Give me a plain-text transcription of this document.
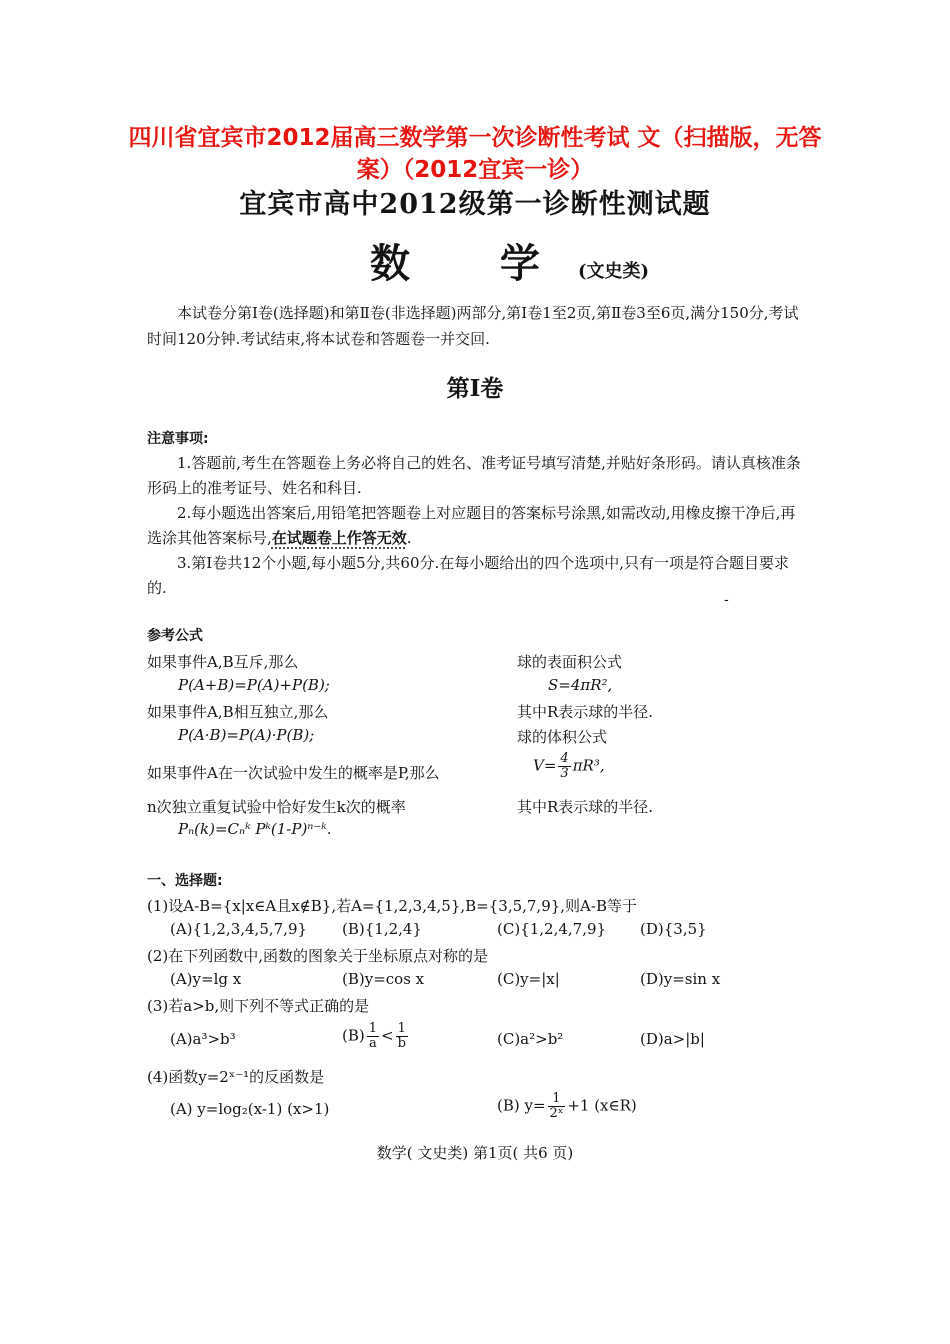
四川省宜宾市2012届高三数学第一次诊断性考试 文（扫描版，无答案）（2012宜宾一诊）
宜宾市高中2012级第一诊断性测试题
数 学(文史类)
本试卷分第Ⅰ卷(选择题)和第Ⅱ卷(非选择题)两部分,第Ⅰ卷1至2页,第Ⅱ卷3至6页,满分150分,考试时间120分钟.考试结束,将本试卷和答题卷一并交回.
第Ⅰ卷
注意事项:
1.答题前,考生在答题卷上务必将自己的姓名、准考证号填写清楚,并贴好条形码。请认真核准条形码上的准考证号、姓名和科目.
2.每小题选出答案后,用铅笔把答题卷上对应题目的答案标号涂黑,如需改动,用橡皮擦干净后,再选涂其他答案标号,在试题卷上作答无效.
3.第Ⅰ卷共12个小题,每小题5分,共60分.在每小题给出的四个选项中,只有一项是符合题目要求的.
-
参考公式
如果事件A,B互斥,那么
P(A+B)=P(A)+P(B);
如果事件A,B相互独立,那么
P(A·B)=P(A)·P(B);
如果事件A在一次试验中发生的概率是P,那么
n次独立重复试验中恰好发生k次的概率
Pₙ(k)=Cₙᵏ Pᵏ(1-P)ⁿ⁻ᵏ.
球的表面积公式
S=4πR²,
其中R表示球的半径.
球的体积公式
$V= \frac{4}{3} \pi R^3$,
其中R表示球的半径.
一、选择题:
(1)设A-B={x|x∈A且x∉B},若A={1,2,3,4,5},B={3,5,7,9},则A-B等于
(A){1,2,3,4,5,7,9} (B){1,2,4}	(C){1,2,4,7,9} (D){3,5}
(2)在下列函数中,函数的图象关于坐标原点对称的是
(A)y=lg x	(B)y=cos x	(C)y=|x|	(D)y=sin x
(3)若a>b,则下列不等式正确的是
(A)a³>b³	$(B) \frac{1}{a} < \frac{1}{b}$	(C)a²>b²	(D)a>|b|
(4)函数y=2ˣ⁻¹的反函数是
(A) y=log₂(x-1) (x>1)	(B) $y= \frac{1}{\text{2ˣ}} +1$ (x∈R)
数学( 文史类) 第1页( 共6 页)
